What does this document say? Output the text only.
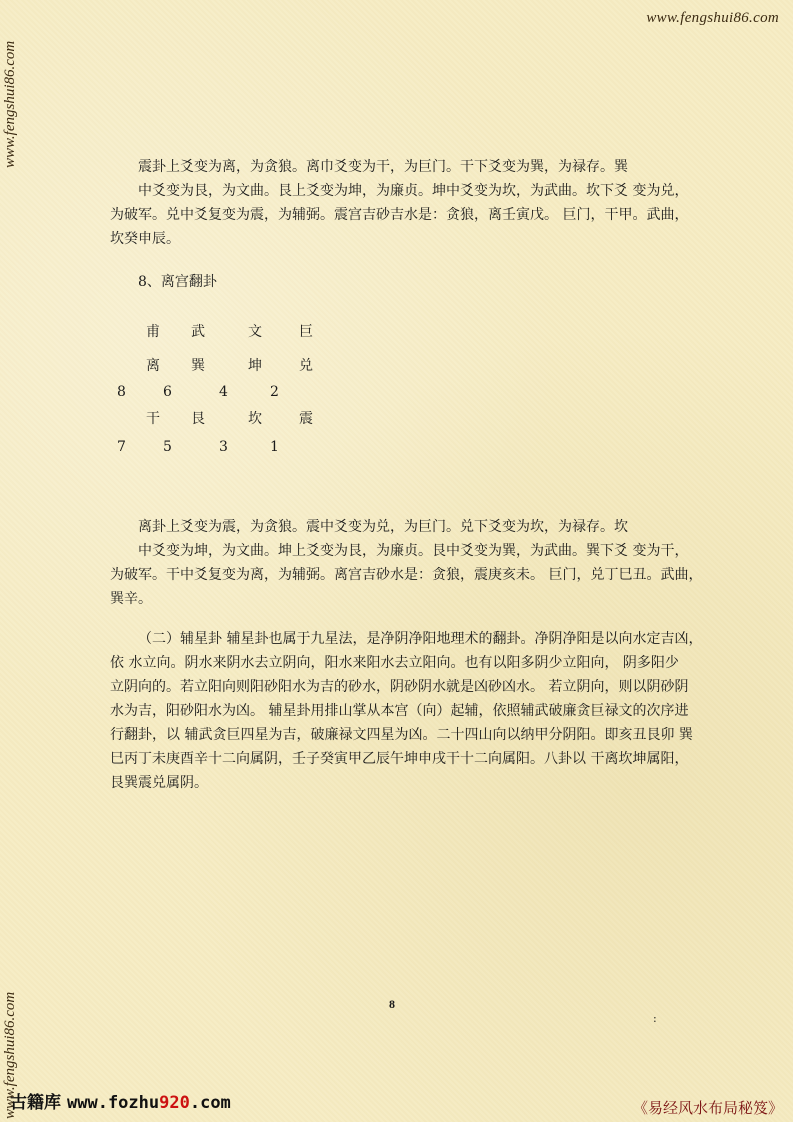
www.fengshui86.com
www.fengshui86.com
www.fengshui86.com
震卦上爻变为离，为贪狼。离巾爻变为干，为巨门。干下爻变为巽，为禄存。巽
中爻变为艮，为文曲。艮上爻变为坤，为廉贞。坤中爻变为坎，为武曲。坎下爻 变为兑，
为破军。兑中爻复变为震，为辅弼。震宫吉砂吉水是：贪狼，离壬寅戊。 巨门，干甲。武曲，
坎癸申辰。
8、离宫翻卦
甫 武	文	巨
离 巽	坤	兑
8	6	4	2
干 艮	坎	震
7	5	3	1
离卦上爻变为震，为贪狼。震中爻变为兑，为巨门。兑下爻变为坎，为禄存。坎
中爻变为坤，为文曲。坤上爻变为艮，为廉贞。艮中爻变为巽，为武曲。巽下爻 变为干，
为破军。干中爻复变为离，为辅弼。离宫吉砂水是：贪狼，震庚亥未。 巨门，兑丁巳丑。武曲，
巽辛。
（二）辅星卦 辅星卦也属于九星法，是净阴净阳地理术的翻卦。净阴净阳是以向水定吉凶，
依 水立向。阴水来阴水去立阴向，阳水来阳水去立阳向。也有以阳多阴少立阳向， 阴多阳少
立阴向的。若立阳向则阳砂阳水为吉的砂水，阴砂阴水就是凶砂凶水。 若立阴向，则以阴砂阴
水为吉，阳砂阳水为凶。 辅星卦用排山掌从本宫（向）起辅，依照辅武破廉贪巨禄文的次序进
行翻卦，以 辅武贪巨四星为吉，破廉禄文四星为凶。二十四山向以纳甲分阴阳。即亥丑艮卯 巽
巳丙丁未庚酉辛十二向属阴，壬子癸寅甲乙辰午坤申戌干十二向属阳。八卦以 干离坎坤属阳，
艮巽震兑属阴。
8
:
古籍库 www.fozhu920.com	《易经风水布局秘笈》
